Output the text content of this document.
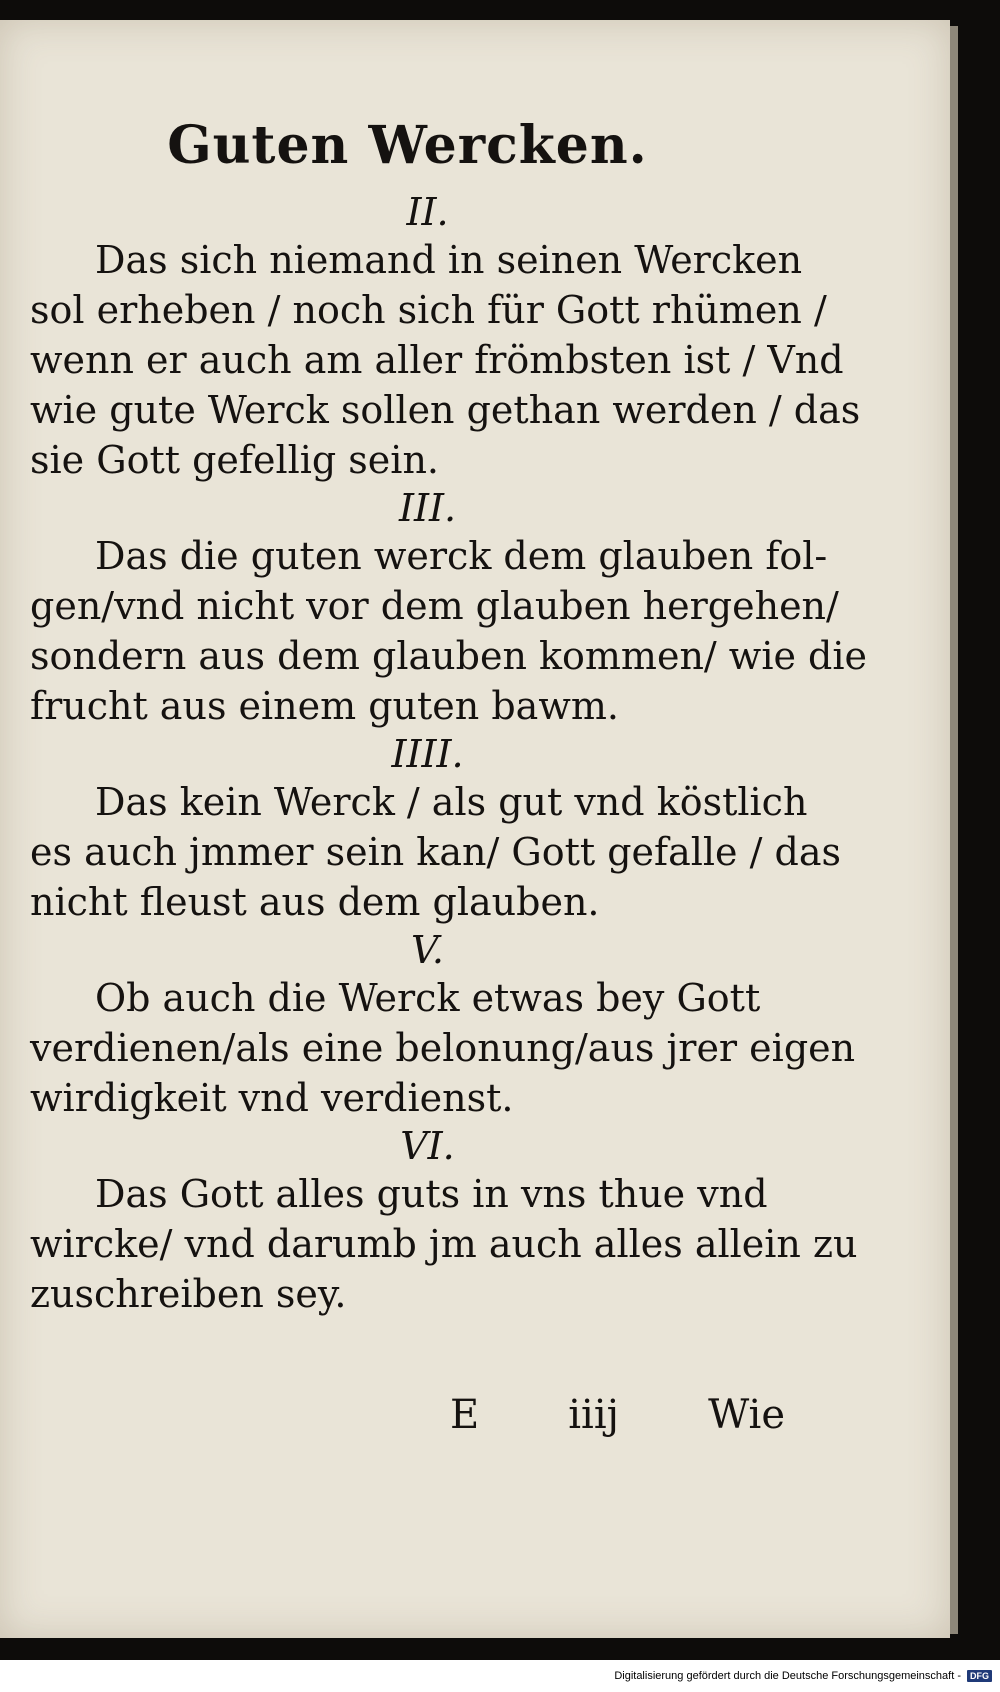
Guten Wercken.
II.
Das sich niemand in seinen Wercken
sol erheben / noch sich für Gott rhümen /
wenn er auch am aller frömbsten ist / Vnd
wie gute Werck sollen gethan werden / das
sie Gott gefellig sein.
III.
Das die guten werck dem glauben fol-
gen/vnd nicht vor dem glauben hergehen/
sondern aus dem glauben kommen/ wie die
frucht aus einem guten bawm.
IIII.
Das kein Werck / als gut vnd köstlich
es auch jmmer sein kan/ Gott gefalle / das
nicht fleust aus dem glauben.
V.
Ob auch die Werck etwas bey Gott
verdienen/als eine belonung/aus jrer eigen
wirdigkeit vnd verdienst.
VI.
Das Gott alles guts in vns thue vnd
wircke/ vnd darumb jm auch alles allein zu
zuschreiben sey.
E iiij Wie
Digitalisierung gefördert durch die Deutsche Forschungsgemeinschaft -	DFG
